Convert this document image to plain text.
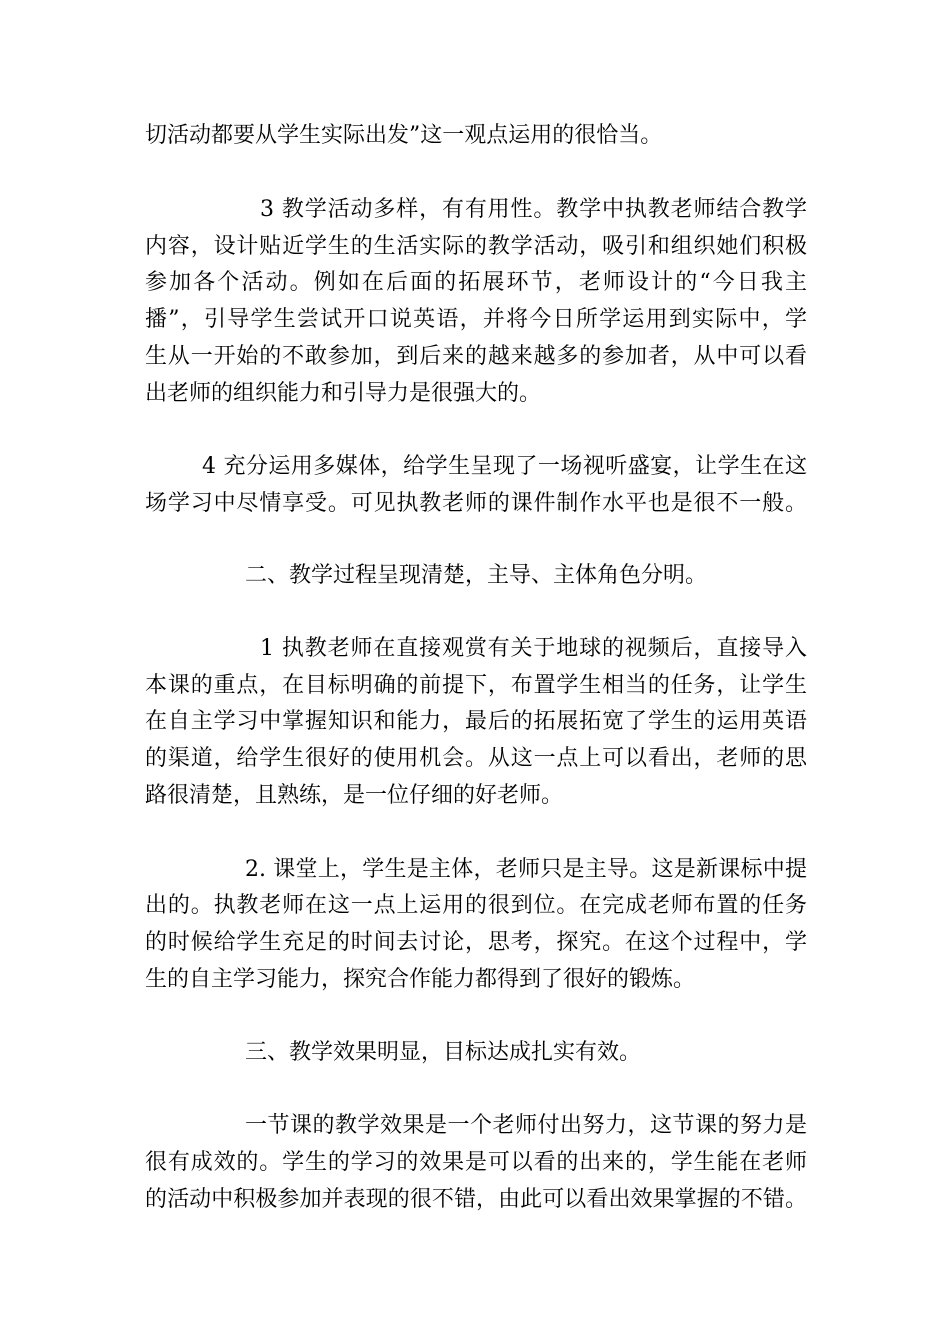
切活动都要从学生实际出发”这一观点运用的很恰当。
3 教学活动多样，有有用性。教学中执教老师结合教学
内容，设计贴近学生的生活实际的教学活动，吸引和组织她们积极
参加各个活动。例如在后面的拓展环节，老师设计的“今日我主
播”，引导学生尝试开口说英语，并将今日所学运用到实际中，学
生从一开始的不敢参加，到后来的越来越多的参加者，从中可以看
出老师的组织能力和引导力是很强大的。
4 充分运用多媒体，给学生呈现了一场视听盛宴，让学生在这
场学习中尽情享受。可见执教老师的课件制作水平也是很不一般。
二、教学过程呈现清楚，主导、主体角色分明。
1 执教老师在直接观赏有关于地球的视频后，直接导入
本课的重点，在目标明确的前提下，布置学生相当的任务，让学生
在自主学习中掌握知识和能力，最后的拓展拓宽了学生的运用英语
的渠道，给学生很好的使用机会。从这一点上可以看出，老师的思
路很清楚，且熟练，是一位仔细的好老师。
2. 课堂上，学生是主体，老师只是主导。这是新课标中提
出的。执教老师在这一点上运用的很到位。在完成老师布置的任务
的时候给学生充足的时间去讨论，思考，探究。在这个过程中，学
生的自主学习能力，探究合作能力都得到了很好的锻炼。
三、教学效果明显，目标达成扎实有效。
一节课的教学效果是一个老师付出努力，这节课的努力是
很有成效的。学生的学习的效果是可以看的出来的，学生能在老师
的活动中积极参加并表现的很不错，由此可以看出效果掌握的不错。
